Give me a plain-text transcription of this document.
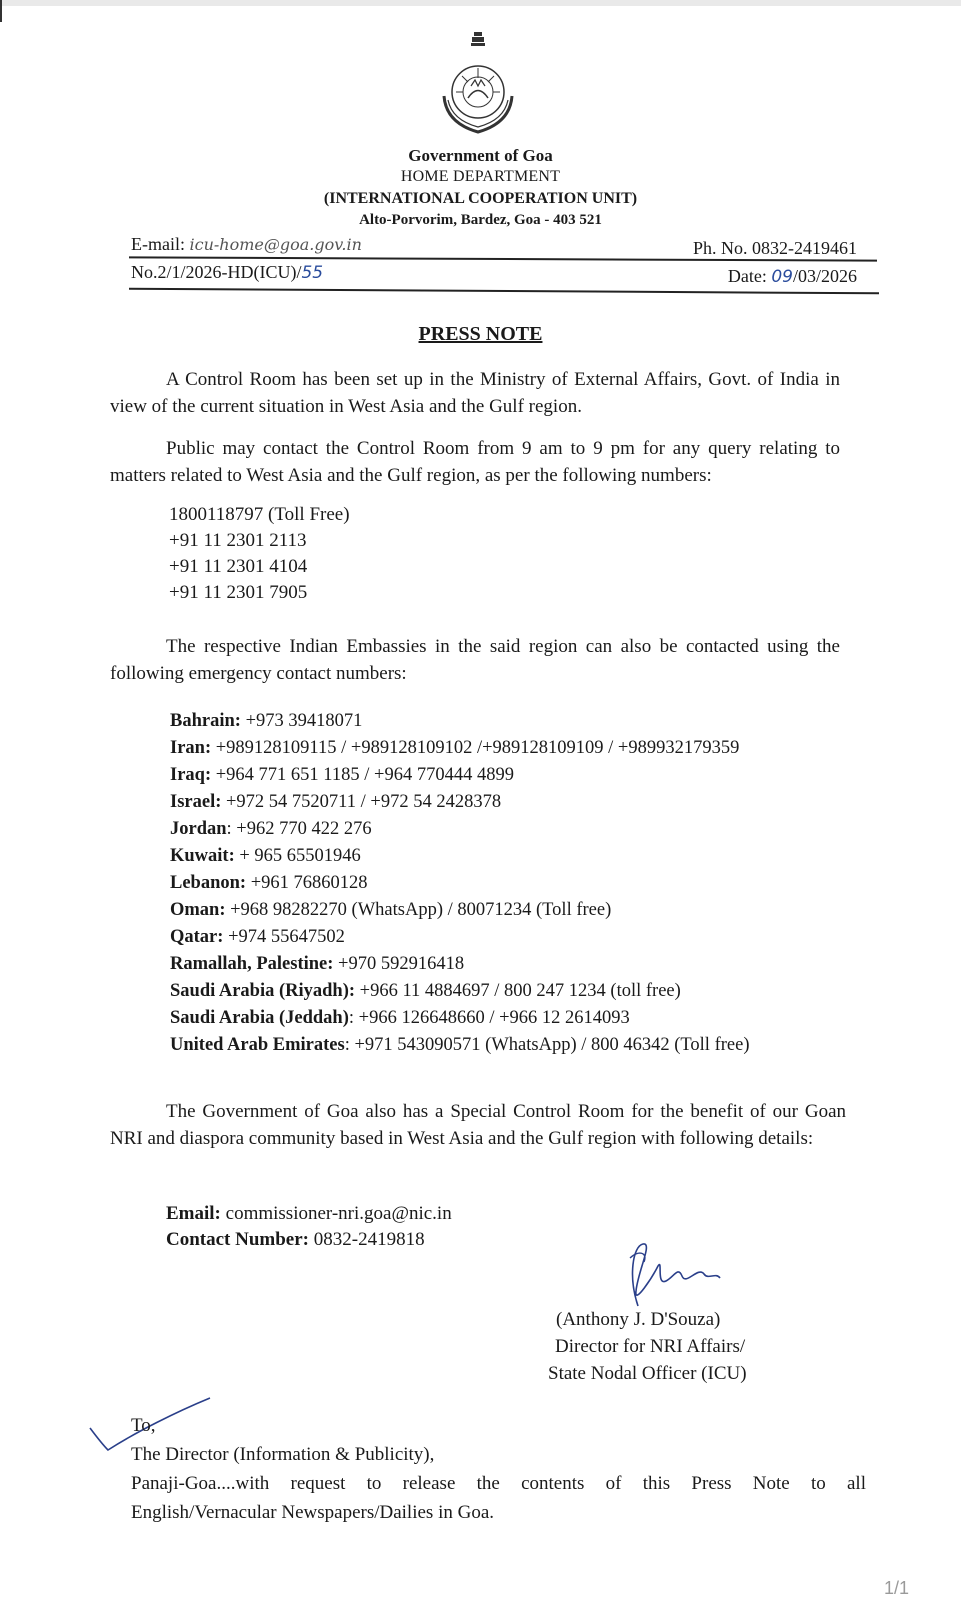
Government of Goa
HOME DEPARTMENT
(INTERNATIONAL COOPERATION UNIT)
Alto-Porvorim, Bardez, Goa - 403 521
E-mail: icu-home@goa.gov.in	Ph. No. 0832-2419461
No.2/1/2026-HD(ICU)/55	Date: 09/03/2026
PRESS NOTE
A Control Room has been set up in the Ministry of External Affairs, Govt. of India in view of the current situation in West Asia and the Gulf region.
Public may contact the Control Room from 9 am to 9 pm for any query relating to matters related to West Asia and the Gulf region, as per the following numbers:
1800118797 (Toll Free)
+91 11 2301 2113
+91 11 2301 4104
+91 11 2301 7905
The respective Indian Embassies in the said region can also be contacted using the following emergency contact numbers:
Bahrain: +973 39418071
Iran: +989128109115 / +989128109102 /+989128109109 / +989932179359
Iraq: +964 771 651 1185 / +964 770444 4899
Israel: +972 54 7520711 / +972 54 2428378
Jordan: +962 770 422 276
Kuwait: + 965 65501946
Lebanon: +961 76860128
Oman: +968 98282270 (WhatsApp) / 80071234 (Toll free)
Qatar: +974 55647502
Ramallah, Palestine: +970 592916418
Saudi Arabia (Riyadh): +966 11 4884697 / 800 247 1234 (toll free)
Saudi Arabia (Jeddah): +966 126648660 / +966 12 2614093
United Arab Emirates: +971 543090571 (WhatsApp) / 800 46342 (Toll free)
The Government of Goa also has a Special Control Room for the benefit of our Goan NRI and diaspora community based in West Asia and the Gulf region with following details:
Email: commissioner-nri.goa@nic.in
Contact Number: 0832-2419818
(Anthony J. D'Souza)
Director for NRI Affairs/
State Nodal Officer (ICU)
To,
The Director (Information & Publicity),
Panaji-Goa....with request to release the contents of this Press Note to all
English/Vernacular Newspapers/Dailies in Goa.
1/1
